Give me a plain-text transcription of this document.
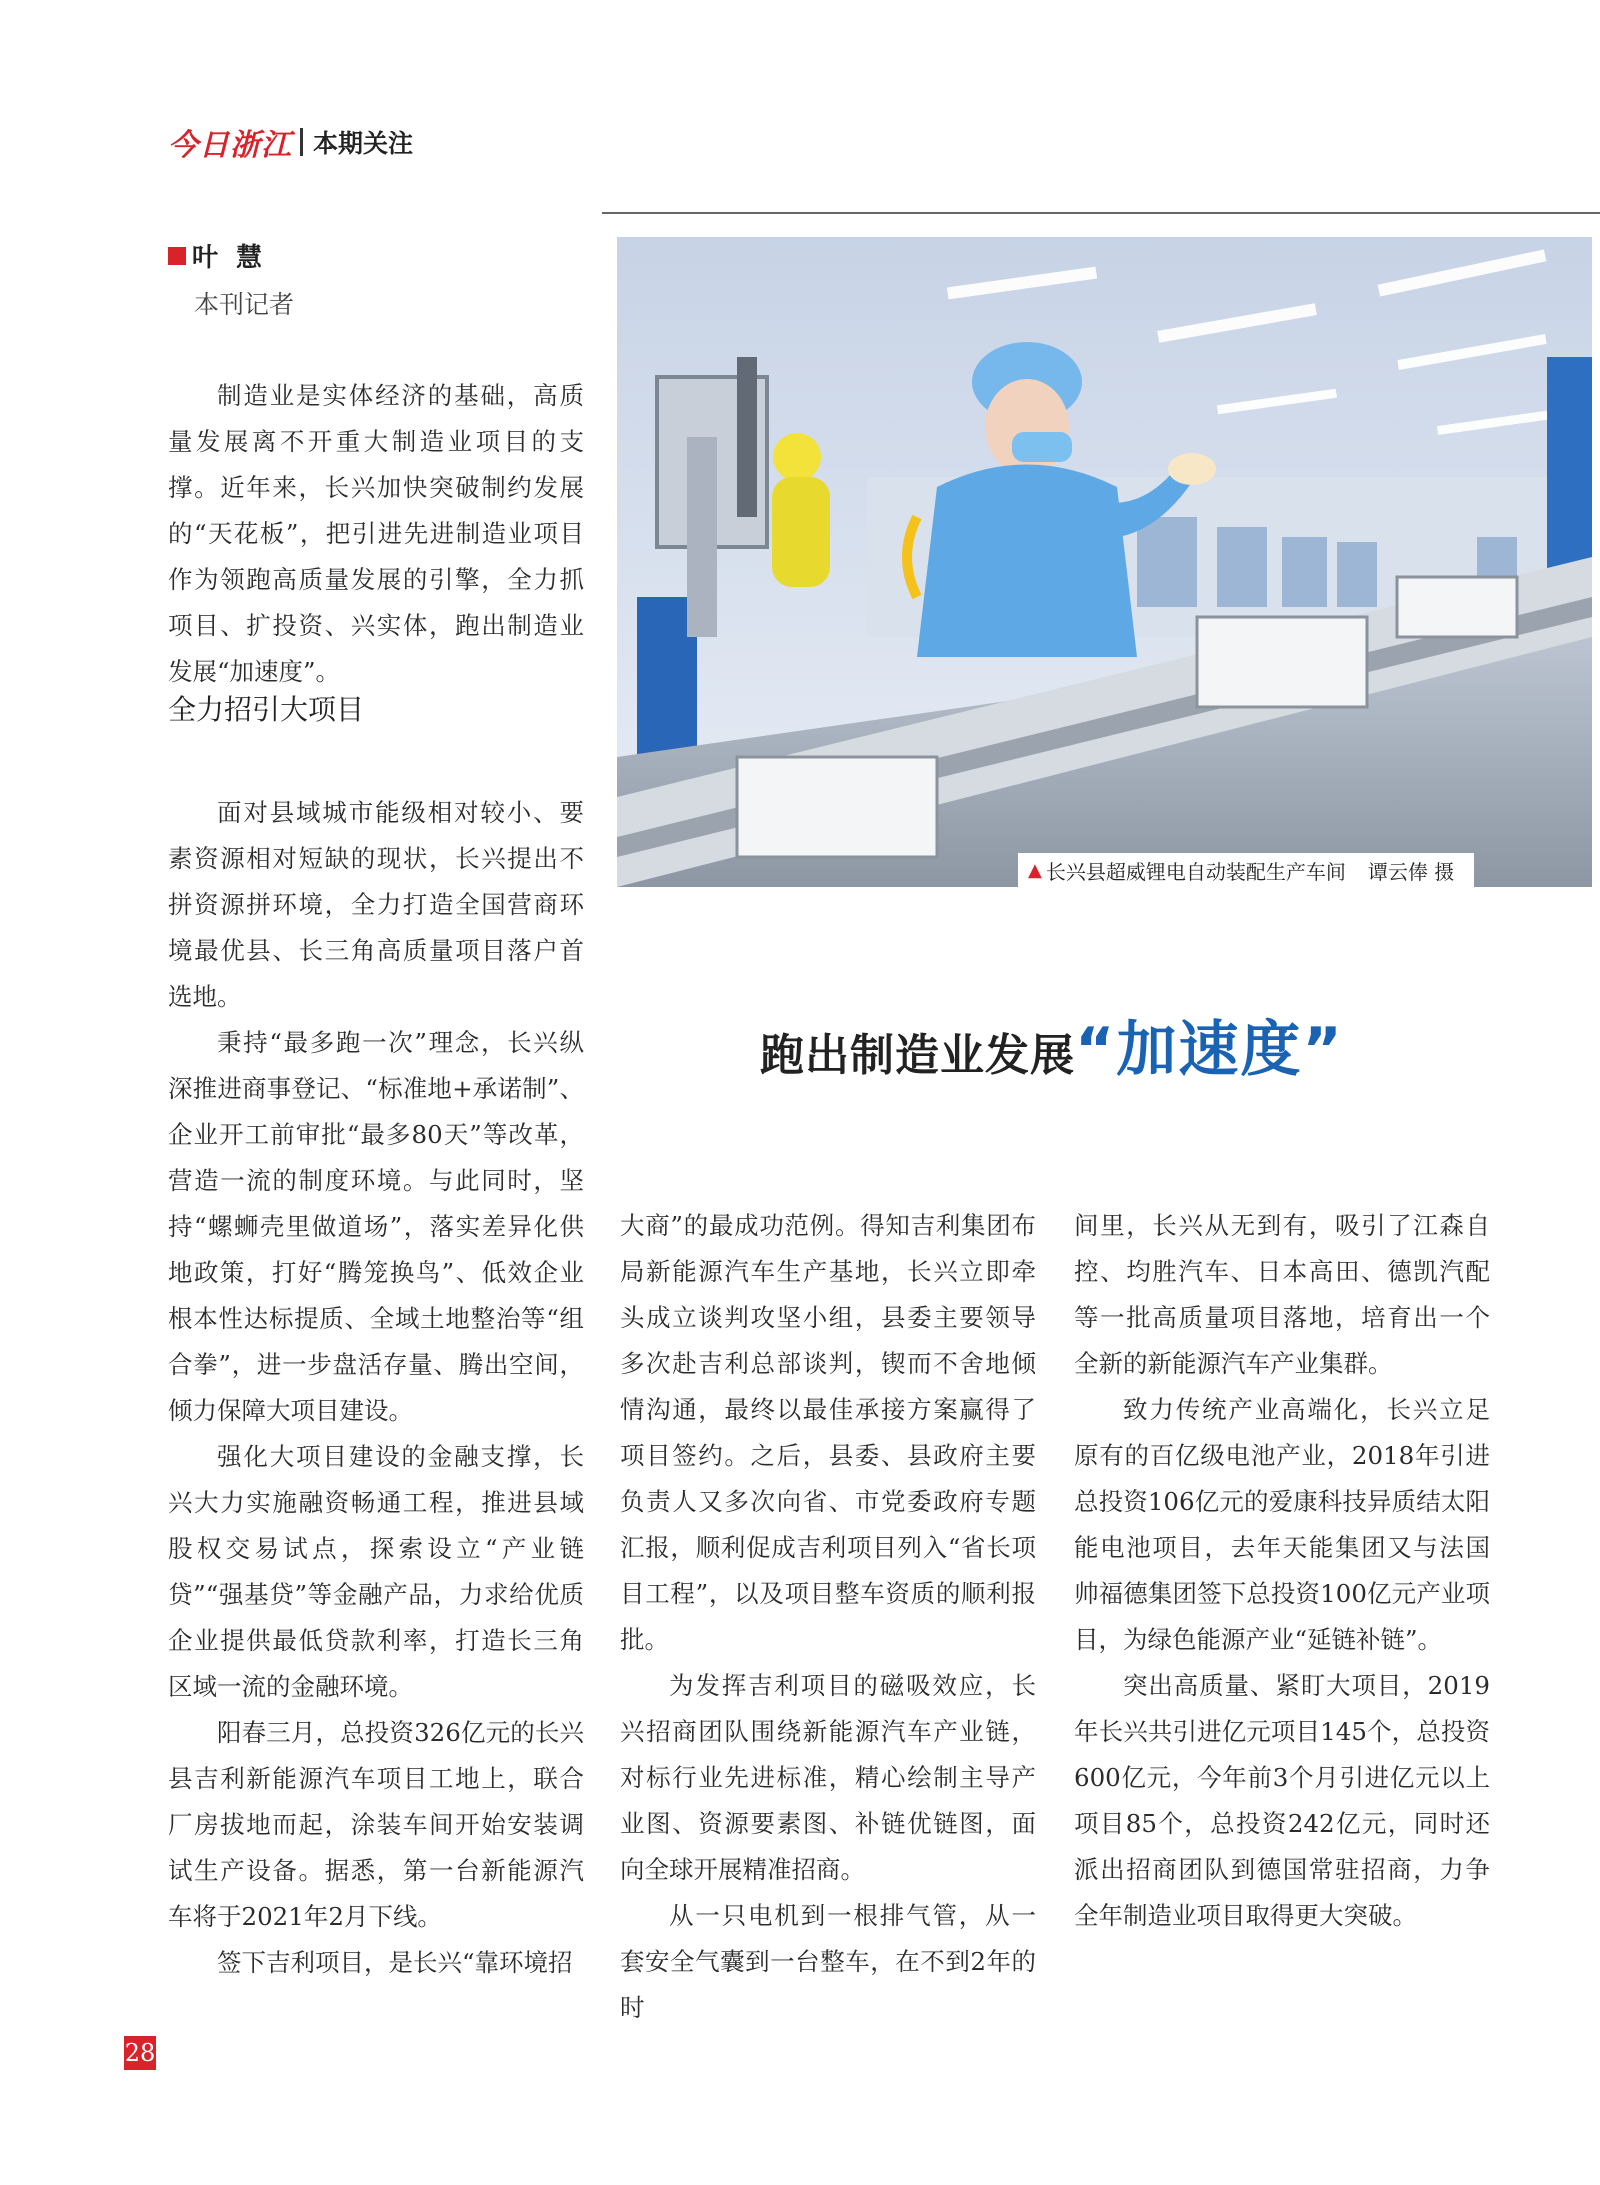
今日浙江 本期关注
叶慧
本刊记者

制造业是实体经济的基础，高质量发展离不开重大制造业项目的支撑。近年来，长兴加快突破制约发展的“天花板”，把引进先进制造业项目作为领跑高质量发展的引擎，全力抓项目、扩投资、兴实体，跑出制造业发展“加速度”。

全力招引大项目

面对县域城市能级相对较小、要素资源相对短缺的现状，长兴提出不拼资源拼环境，全力打造全国营商环境最优县、长三角高质量项目落户首选地。

秉持“最多跑一次”理念，长兴纵深推进商事登记、“标准地+承诺制”、企业开工前审批“最多80天”等改革，营造一流的制度环境。与此同时，坚持“螺蛳壳里做道场”，落实差异化供地政策，打好“腾笼换鸟”、低效企业根本性达标提质、全域土地整治等“组合拳”，进一步盘活存量、腾出空间，倾力保障大项目建设。

强化大项目建设的金融支撑，长兴大力实施融资畅通工程，推进县域股权交易试点，探索设立“产业链贷”“强基贷”等金融产品，力求给优质企业提供最低贷款利率，打造长三角区域一流的金融环境。

阳春三月，总投资326亿元的长兴县吉利新能源汽车项目工地上，联合厂房拔地而起，涂装车间开始安装调试生产设备。据悉，第一台新能源汽车将于2021年2月下线。

签下吉利项目，是长兴“靠环境招

▲ 长兴县超威锂电自动装配生产车间 谭云俸 摄
跑出制造业发展 “加速度”

大商”的最成功范例。得知吉利集团布局新能源汽车生产基地，长兴立即牵头成立谈判攻坚小组，县委主要领导多次赴吉利总部谈判，锲而不舍地倾情沟通，最终以最佳承接方案赢得了项目签约。之后，县委、县政府主要负责人又多次向省、市党委政府专题汇报，顺利促成吉利项目列入“省长项目工程”，以及项目整车资质的顺利报批。

为发挥吉利项目的磁吸效应，长兴招商团队围绕新能源汽车产业链，对标行业先进标准，精心绘制主导产业图、资源要素图、补链优链图，面向全球开展精准招商。

从一只电机到一根排气管，从一套安全气囊到一台整车，在不到2年的时

间里，长兴从无到有，吸引了江森自控、均胜汽车、日本高田、德凯汽配等一批高质量项目落地，培育出一个全新的新能源汽车产业集群。

致力传统产业高端化，长兴立足原有的百亿级电池产业，2018年引进总投资106亿元的爱康科技异质结太阳能电池项目，去年天能集团又与法国帅福德集团签下总投资100亿元产业项目，为绿色能源产业“延链补链”。

突出高质量、紧盯大项目，2019年长兴共引进亿元项目145个，总投资600亿元，今年前3个月引进亿元以上项目85个，总投资242亿元，同时还派出招商团队到德国常驻招商，力争全年制造业项目取得更大突破。

28
